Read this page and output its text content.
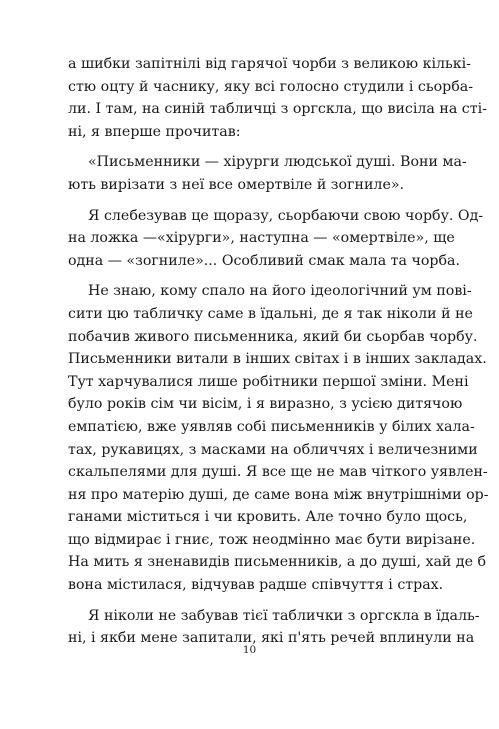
а шибки запітнілі від гарячої чорби з великою кількі-
стю оцту й часнику, яку всі голосно студили і сьорба-
ли. І там, на синій табличці з оргскла, що висіла на сті-
ні, я вперше прочитав:
«Письменники — хірурги людської душі. Вони ма-
ють вирізати з неї все омертвіле й зогниле».
Я слебезував це щоразу, сьорбаючи свою чорбу. Од-
на ложка —«хірурги», наступна — «омертвіле», ще
одна — «зогниле»... Особливий смак мала та чорба.
Не знаю, кому спало на його ідеологічний ум пові-
сити цю табличку саме в їдальні, де я так ніколи й не
побачив живого письменника, який би сьорбав чорбу.
Письменники витали в інших світах і в інших закладах.
Тут харчувалися лише робітники першої зміни. Мені
було років сім чи вісім, і я виразно, з усією дитячою
емпатією, вже уявляв собі письменників у білих хала-
тах, рукавицях, з масками на обличчях і величезними
скальпелями для душі. Я все ще не мав чіткого уявлен-
ня про матерію душі, де саме вона між внутрішніми ор-
ганами міститься і чи кровить. Але точно було щось,
що відмирає і гниє, тож неодмінно має бути вирізане.
На мить я зненавидів письменників, а до душі, хай де б
вона містилася, відчував радше співчуття і страх.
Я ніколи не забував тієї таблички з оргскла в їдаль-
ні, і якби мене запитали, які п'ять речей вплинули на
10
